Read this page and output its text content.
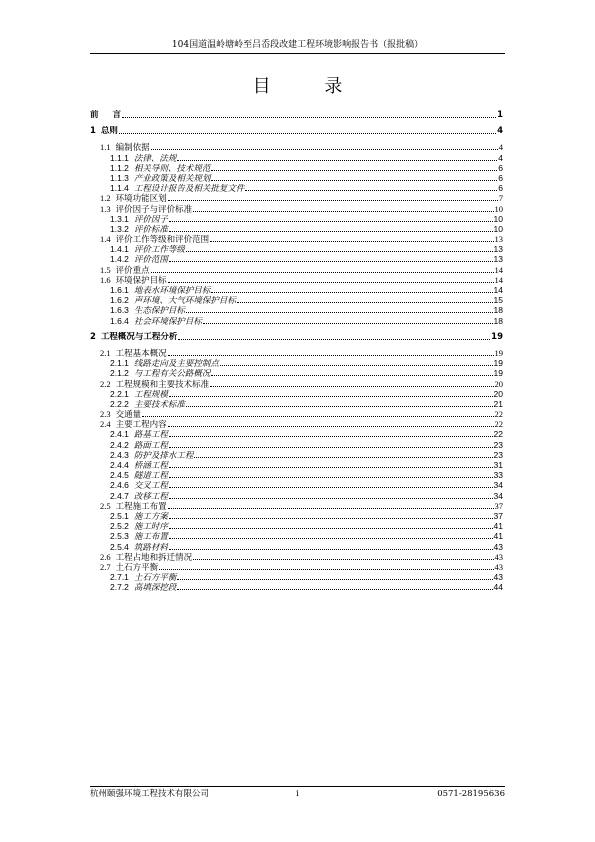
104国道温岭塘岭至吕岙段改建工程环境影响报告书（报批稿）
目 录
前 言	1
1 总则	4
1.1 编制依据	4
1.1.1 法律、法规	4
1.1.2 相关导则、技术规范	6
1.1.3 产业政策及相关规划	6
1.1.4 工程设计报告及相关批复文件	6
1.2 环境功能区划	7
1.3 评价因子与评价标准	10
1.3.1 评价因子	10
1.3.2 评价标准	10
1.4 评价工作等级和评价范围	13
1.4.1 评价工作等级	13
1.4.2 评价范围	13
1.5 评价重点	14
1.6 环境保护目标	14
1.6.1 地表水环境保护目标	14
1.6.2 声环境、大气环境保护目标	15
1.6.3 生态保护目标	18
1.6.4 社会环境保护目标	18
2 工程概况与工程分析	19
2.1 工程基本概况	19
2.1.1 线路走向及主要控制点	19
2.1.2 与工程有关公路概况	19
2.2 工程规模和主要技术标准	20
2.2.1 工程规模	20
2.2.2 主要技术标准	21
2.3 交通量	22
2.4 主要工程内容	22
2.4.1 路基工程	22
2.4.2 路面工程	23
2.4.3 防护及排水工程	23
2.4.4 桥涵工程	31
2.4.5 隧道工程	33
2.4.6 交叉工程	34
2.4.7 改移工程	34
2.5 工程施工布置	37
2.5.1 施工方案	37
2.5.2 施工时序	41
2.5.3 施工布置	41
2.5.4 筑路材料	43
2.6 工程占地和拆迁情况	43
2.7 土石方平衡	43
2.7.1 土石方平衡	43
2.7.2 高填深挖段	44
杭州颐强环境工程技术有限公司	i	0571-28195636
